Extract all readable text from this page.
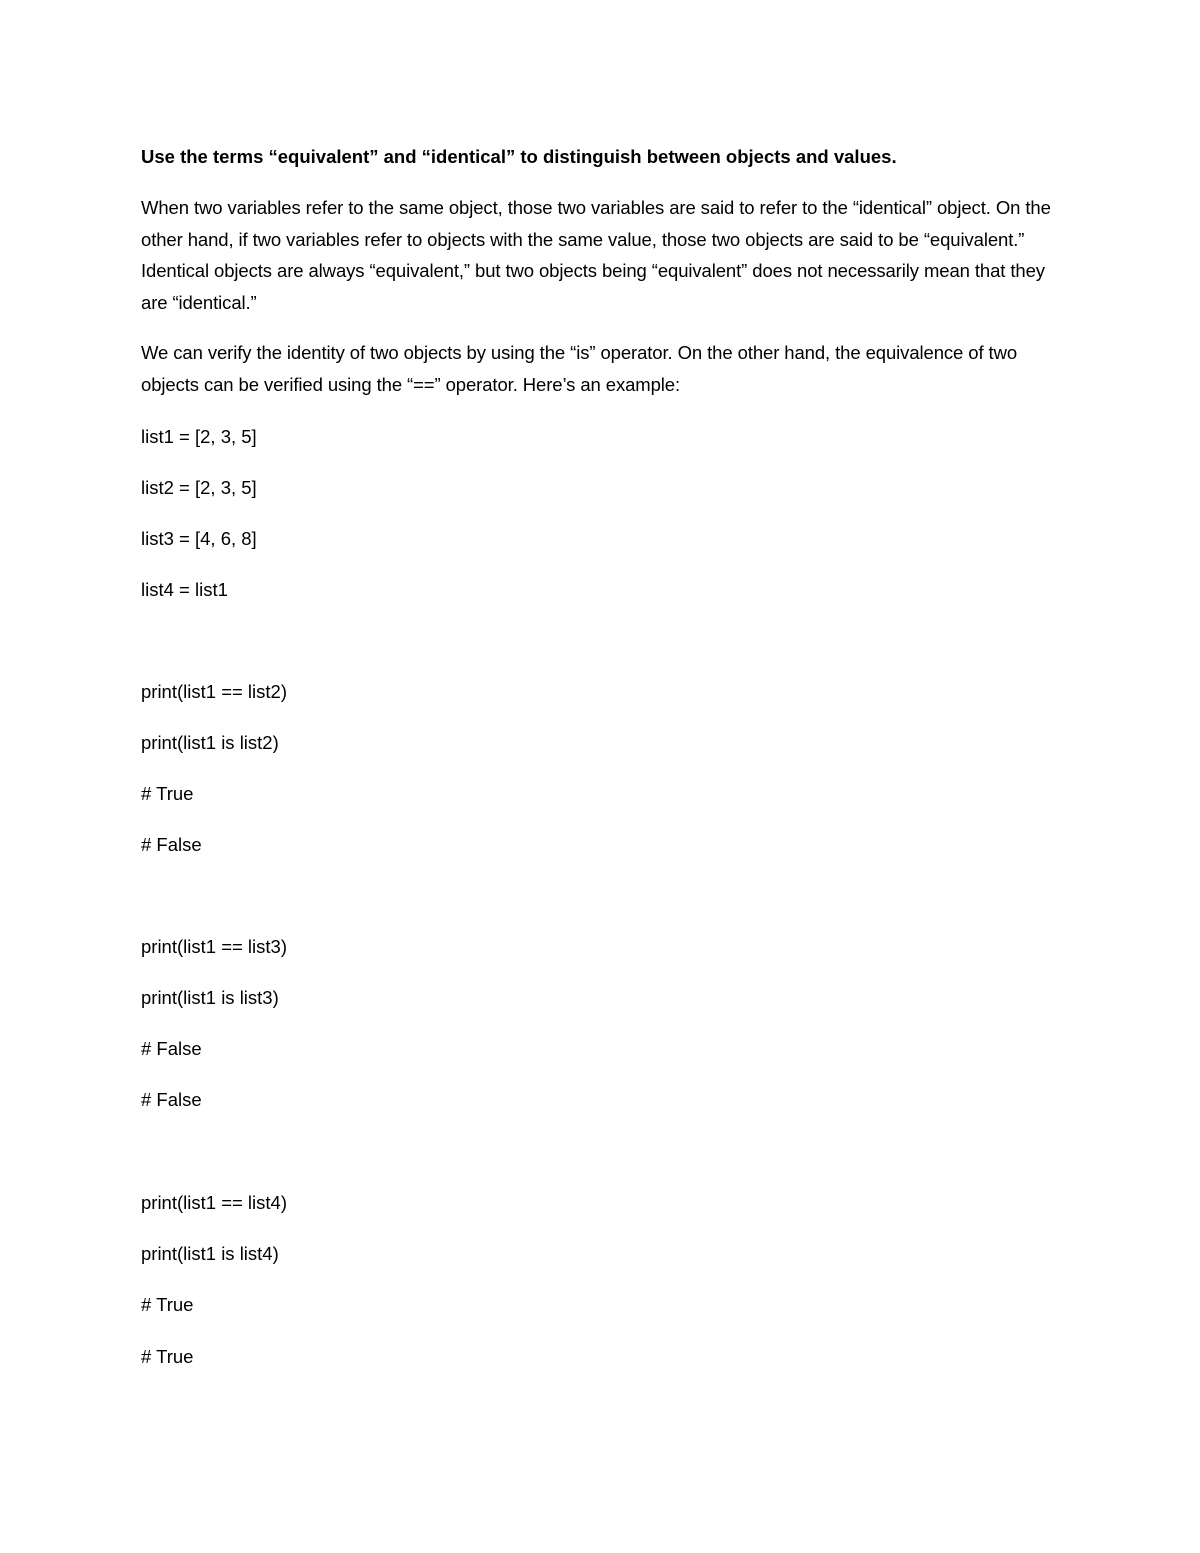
Use the terms “equivalent” and “identical” to distinguish between objects and values.

When two variables refer to the same object, those two variables are said to refer to the “identical” object. On the other hand, if two variables refer to objects with the same value, those two objects are said to be “equivalent.” Identical objects are always “equivalent,” but two objects being “equivalent” does not necessarily mean that they are “identical.”

We can verify the identity of two objects by using the “is” operator. On the other hand, the equivalence of two objects can be verified using the “==” operator. Here’s an example:

list1 = [2, 3, 5]

list2 = [2, 3, 5]

list3 = [4, 6, 8]

list4 = list1

print(list1 == list2)

print(list1 is list2)

# True

# False

print(list1 == list3)

print(list1 is list3)

# False

# False

print(list1 == list4)

print(list1 is list4)

# True

# True
